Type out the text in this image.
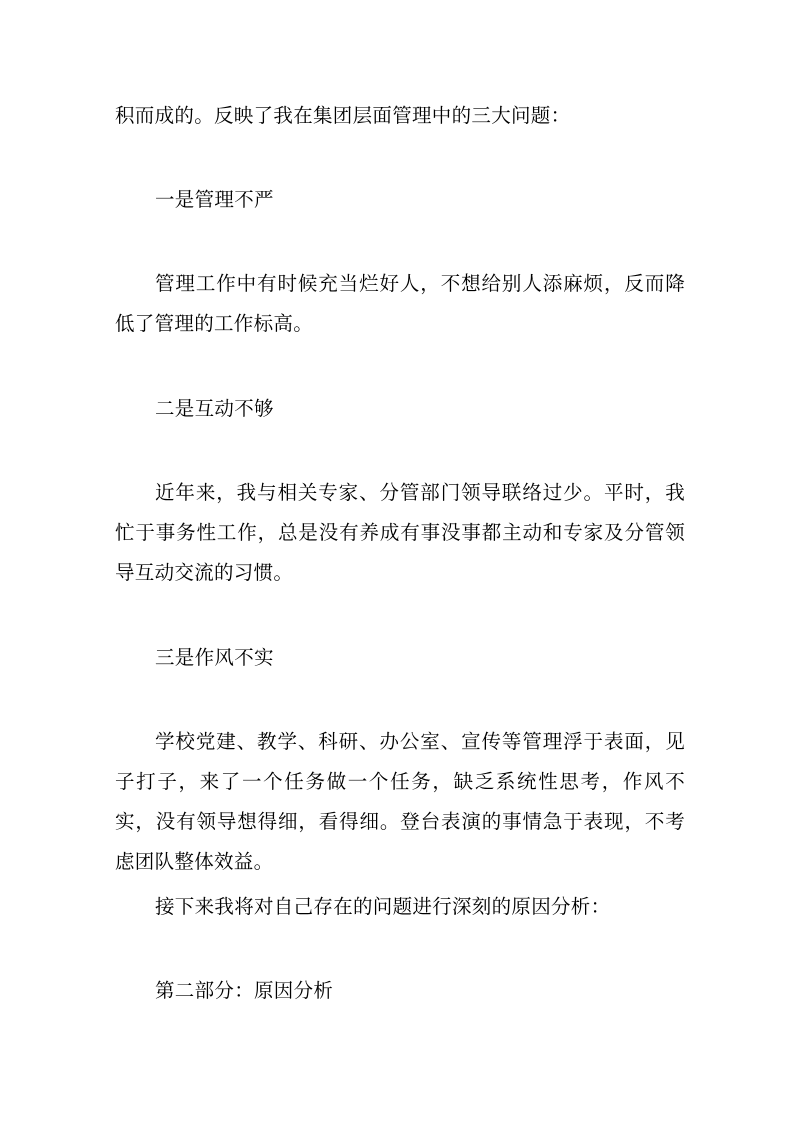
积而成的。反映了我在集团层面管理中的三大问题：

一是管理不严

管理工作中有时候充当烂好人，不想给别人添麻烦，反而降低了管理的工作标高。

二是互动不够

近年来，我与相关专家、分管部门领导联络过少。平时，我忙于事务性工作，总是没有养成有事没事都主动和专家及分管领导互动交流的习惯。

三是作风不实

学校党建、教学、科研、办公室、宣传等管理浮于表面，见子打子，来了一个任务做一个任务，缺乏系统性思考，作风不实，没有领导想得细，看得细。登台表演的事情急于表现，不考虑团队整体效益。

接下来我将对自己存在的问题进行深刻的原因分析：

第二部分：原因分析
